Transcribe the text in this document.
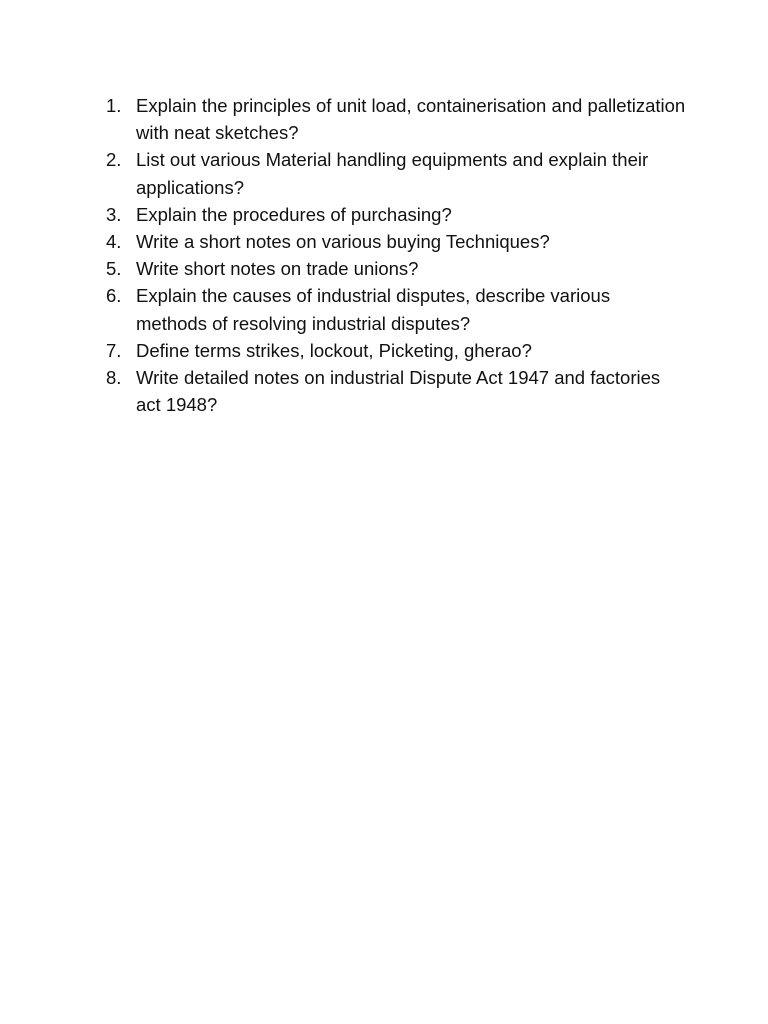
1. Explain the principles of unit load, containerisation and palletization with neat sketches?
2. List out various Material handling equipments and explain their applications?
3. Explain the procedures of purchasing?
4. Write a short notes on various buying Techniques?
5. Write short notes on trade unions?
6. Explain the causes of industrial disputes, describe various methods of resolving industrial disputes?
7. Define terms strikes, lockout, Picketing, gherao?
8. Write detailed notes on industrial Dispute Act 1947 and factories act 1948?
